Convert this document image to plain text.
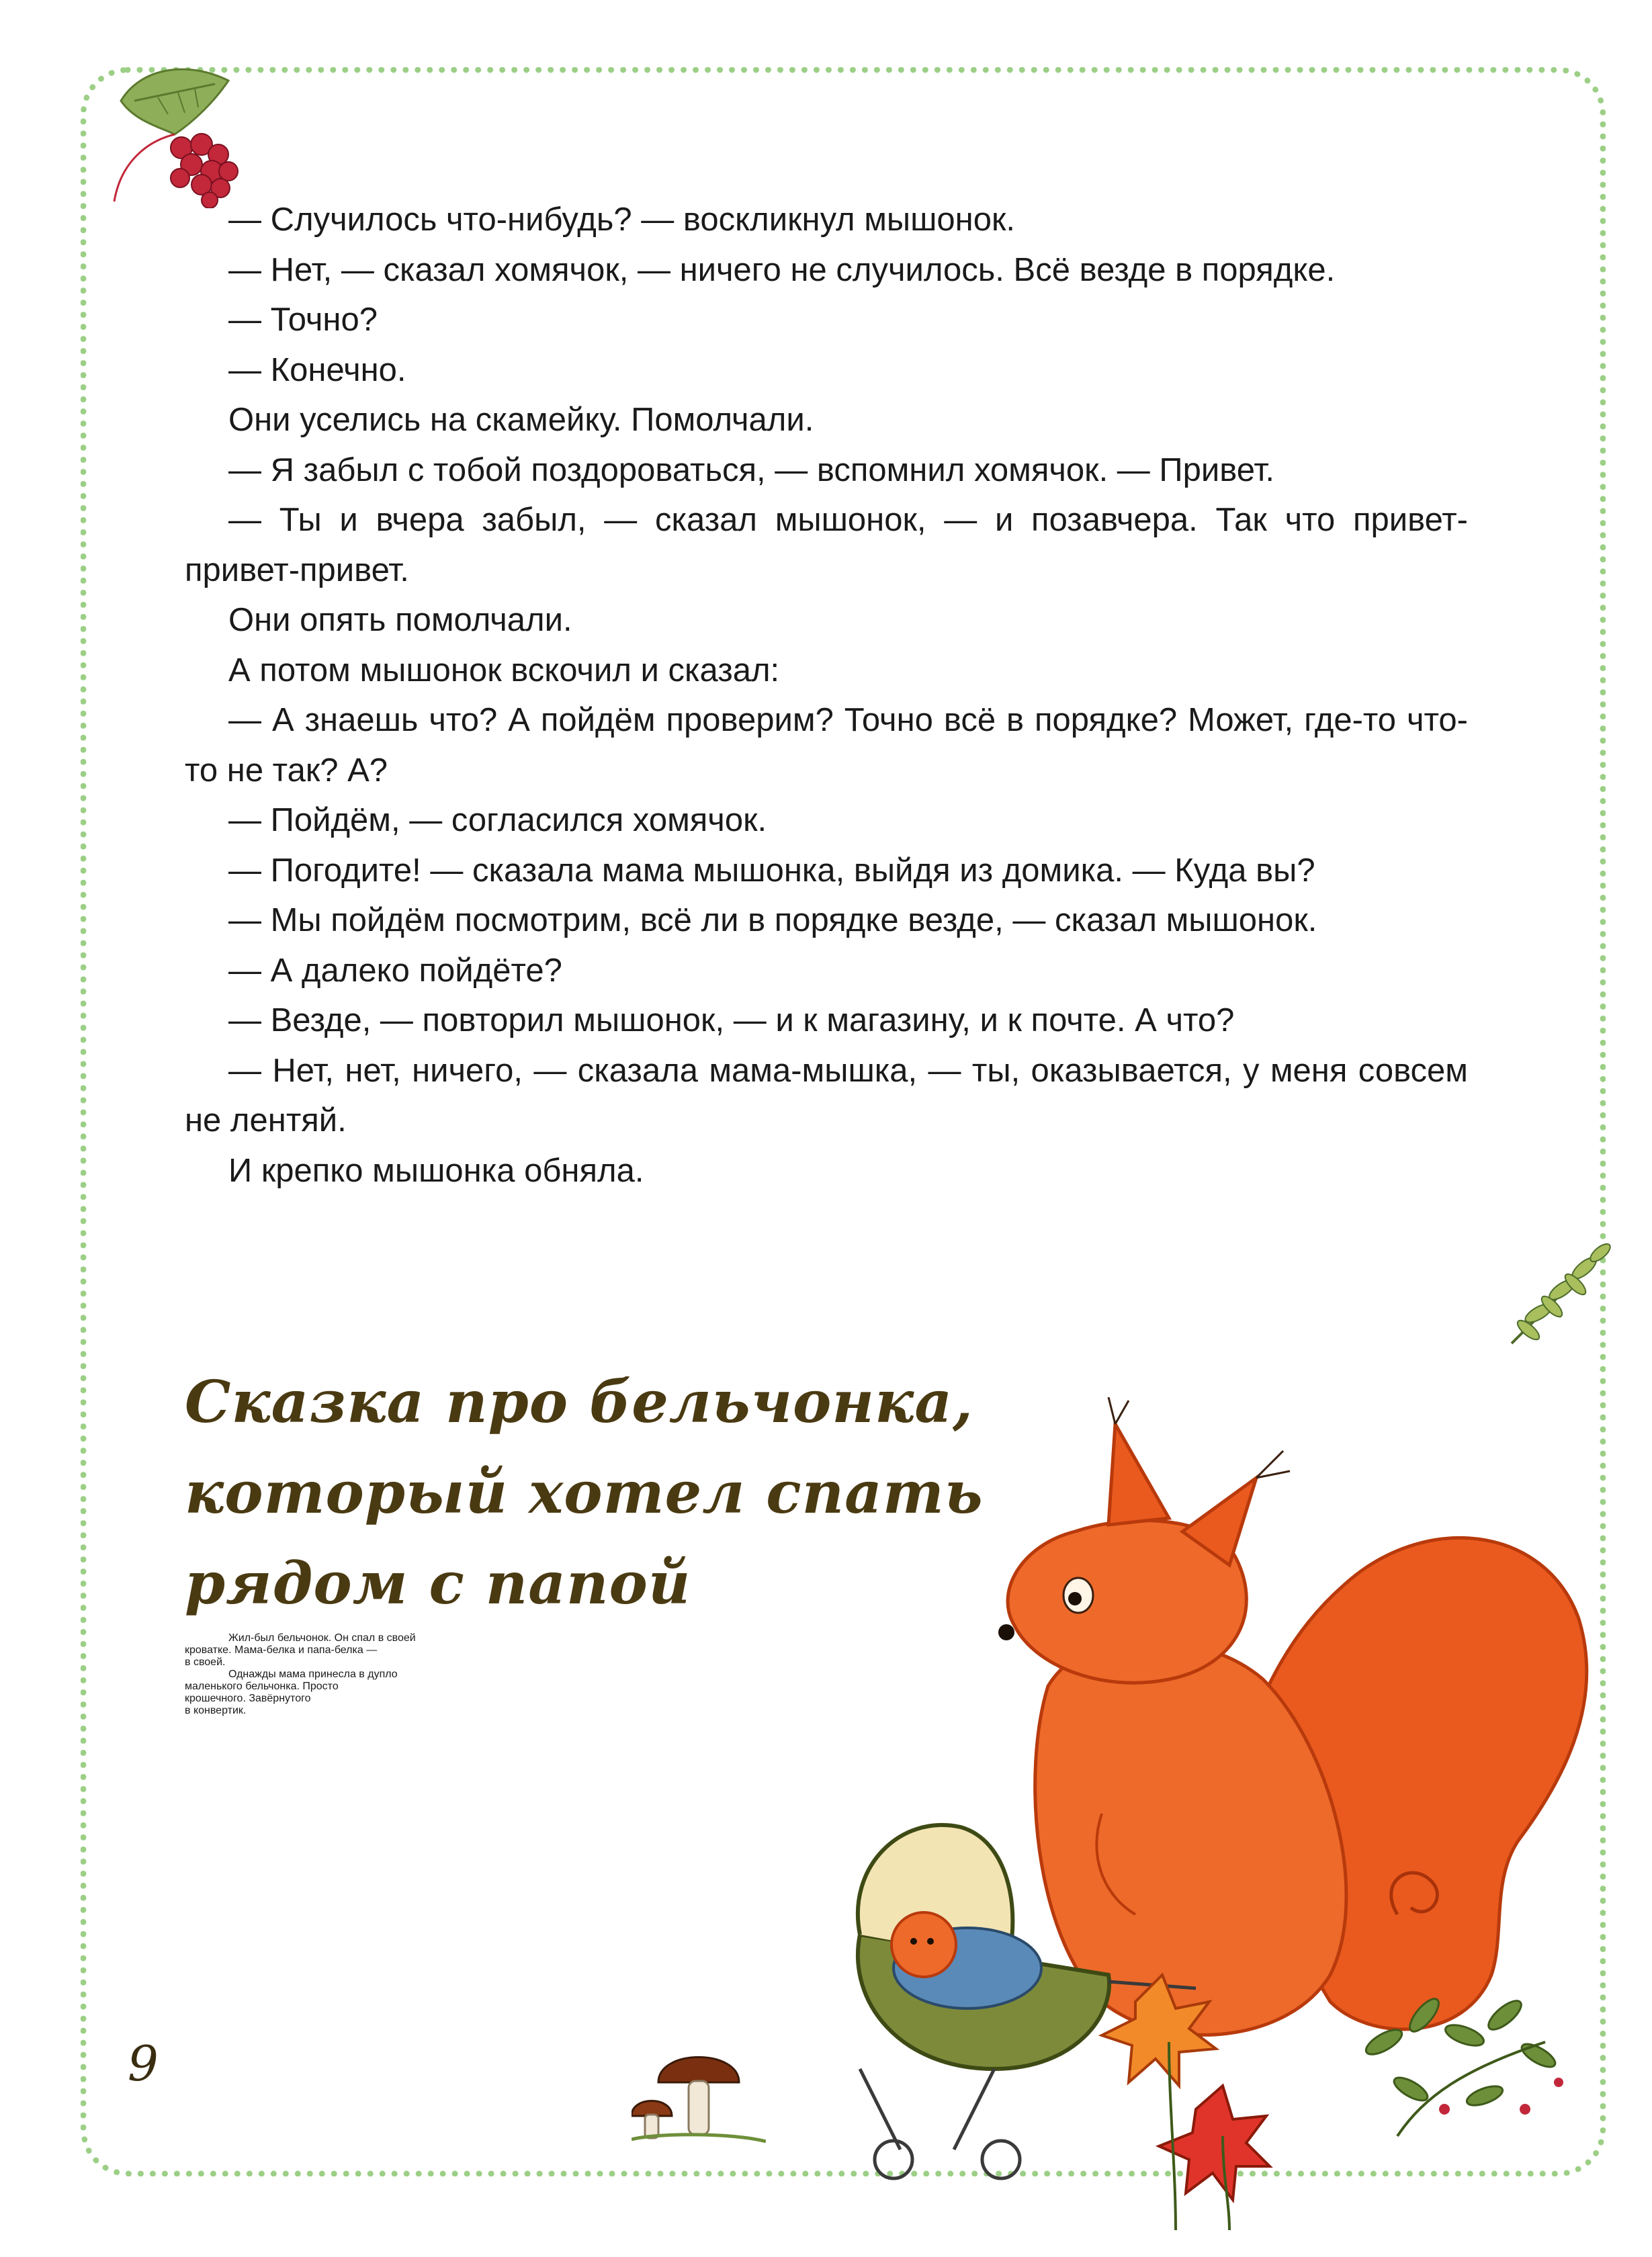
— Случилось что-нибудь? — воскликнул мышонок.

— Нет, — сказал хомячок, — ничего не случилось. Всё везде в порядке.

— Точно?

— Конечно.

Они уселись на скамейку. Помолчали.

— Я забыл с тобой поздороваться, — вспомнил хомячок. — Привет.

— Ты и вчера забыл, — сказал мышонок, — и позавчера. Так что привет-привет-привет.

Они опять помолчали.

А потом мышонок вскочил и сказал:

— А знаешь что? А пойдём проверим? Точно всё в порядке? Может, где-то что-то не так? А?

— Пойдём, — согласился хомячок.

— Погодите! — сказала мама мышонка, выйдя из домика. — Куда вы?

— Мы пойдём посмотрим, всё ли в порядке везде, — сказал мышонок.

— А далеко пойдёте?

— Везде, — повторил мышонок, — и к магазину, и к почте. А что?

— Нет, нет, ничего, — сказала мама-мышка, — ты, оказывается, у меня совсем не лентяй.

И крепко мышонка обняла.

Сказка про бельчонка,
который хотел спать
рядом с папой
Жил-был бельчонок. Он спал в своей
кроватке. Мама-белка и папа-белка —
в своей.
Однажды мама принесла в дупло
маленького бельчонка. Просто
крошечного. Завёрнутого
в конвертик.
9
